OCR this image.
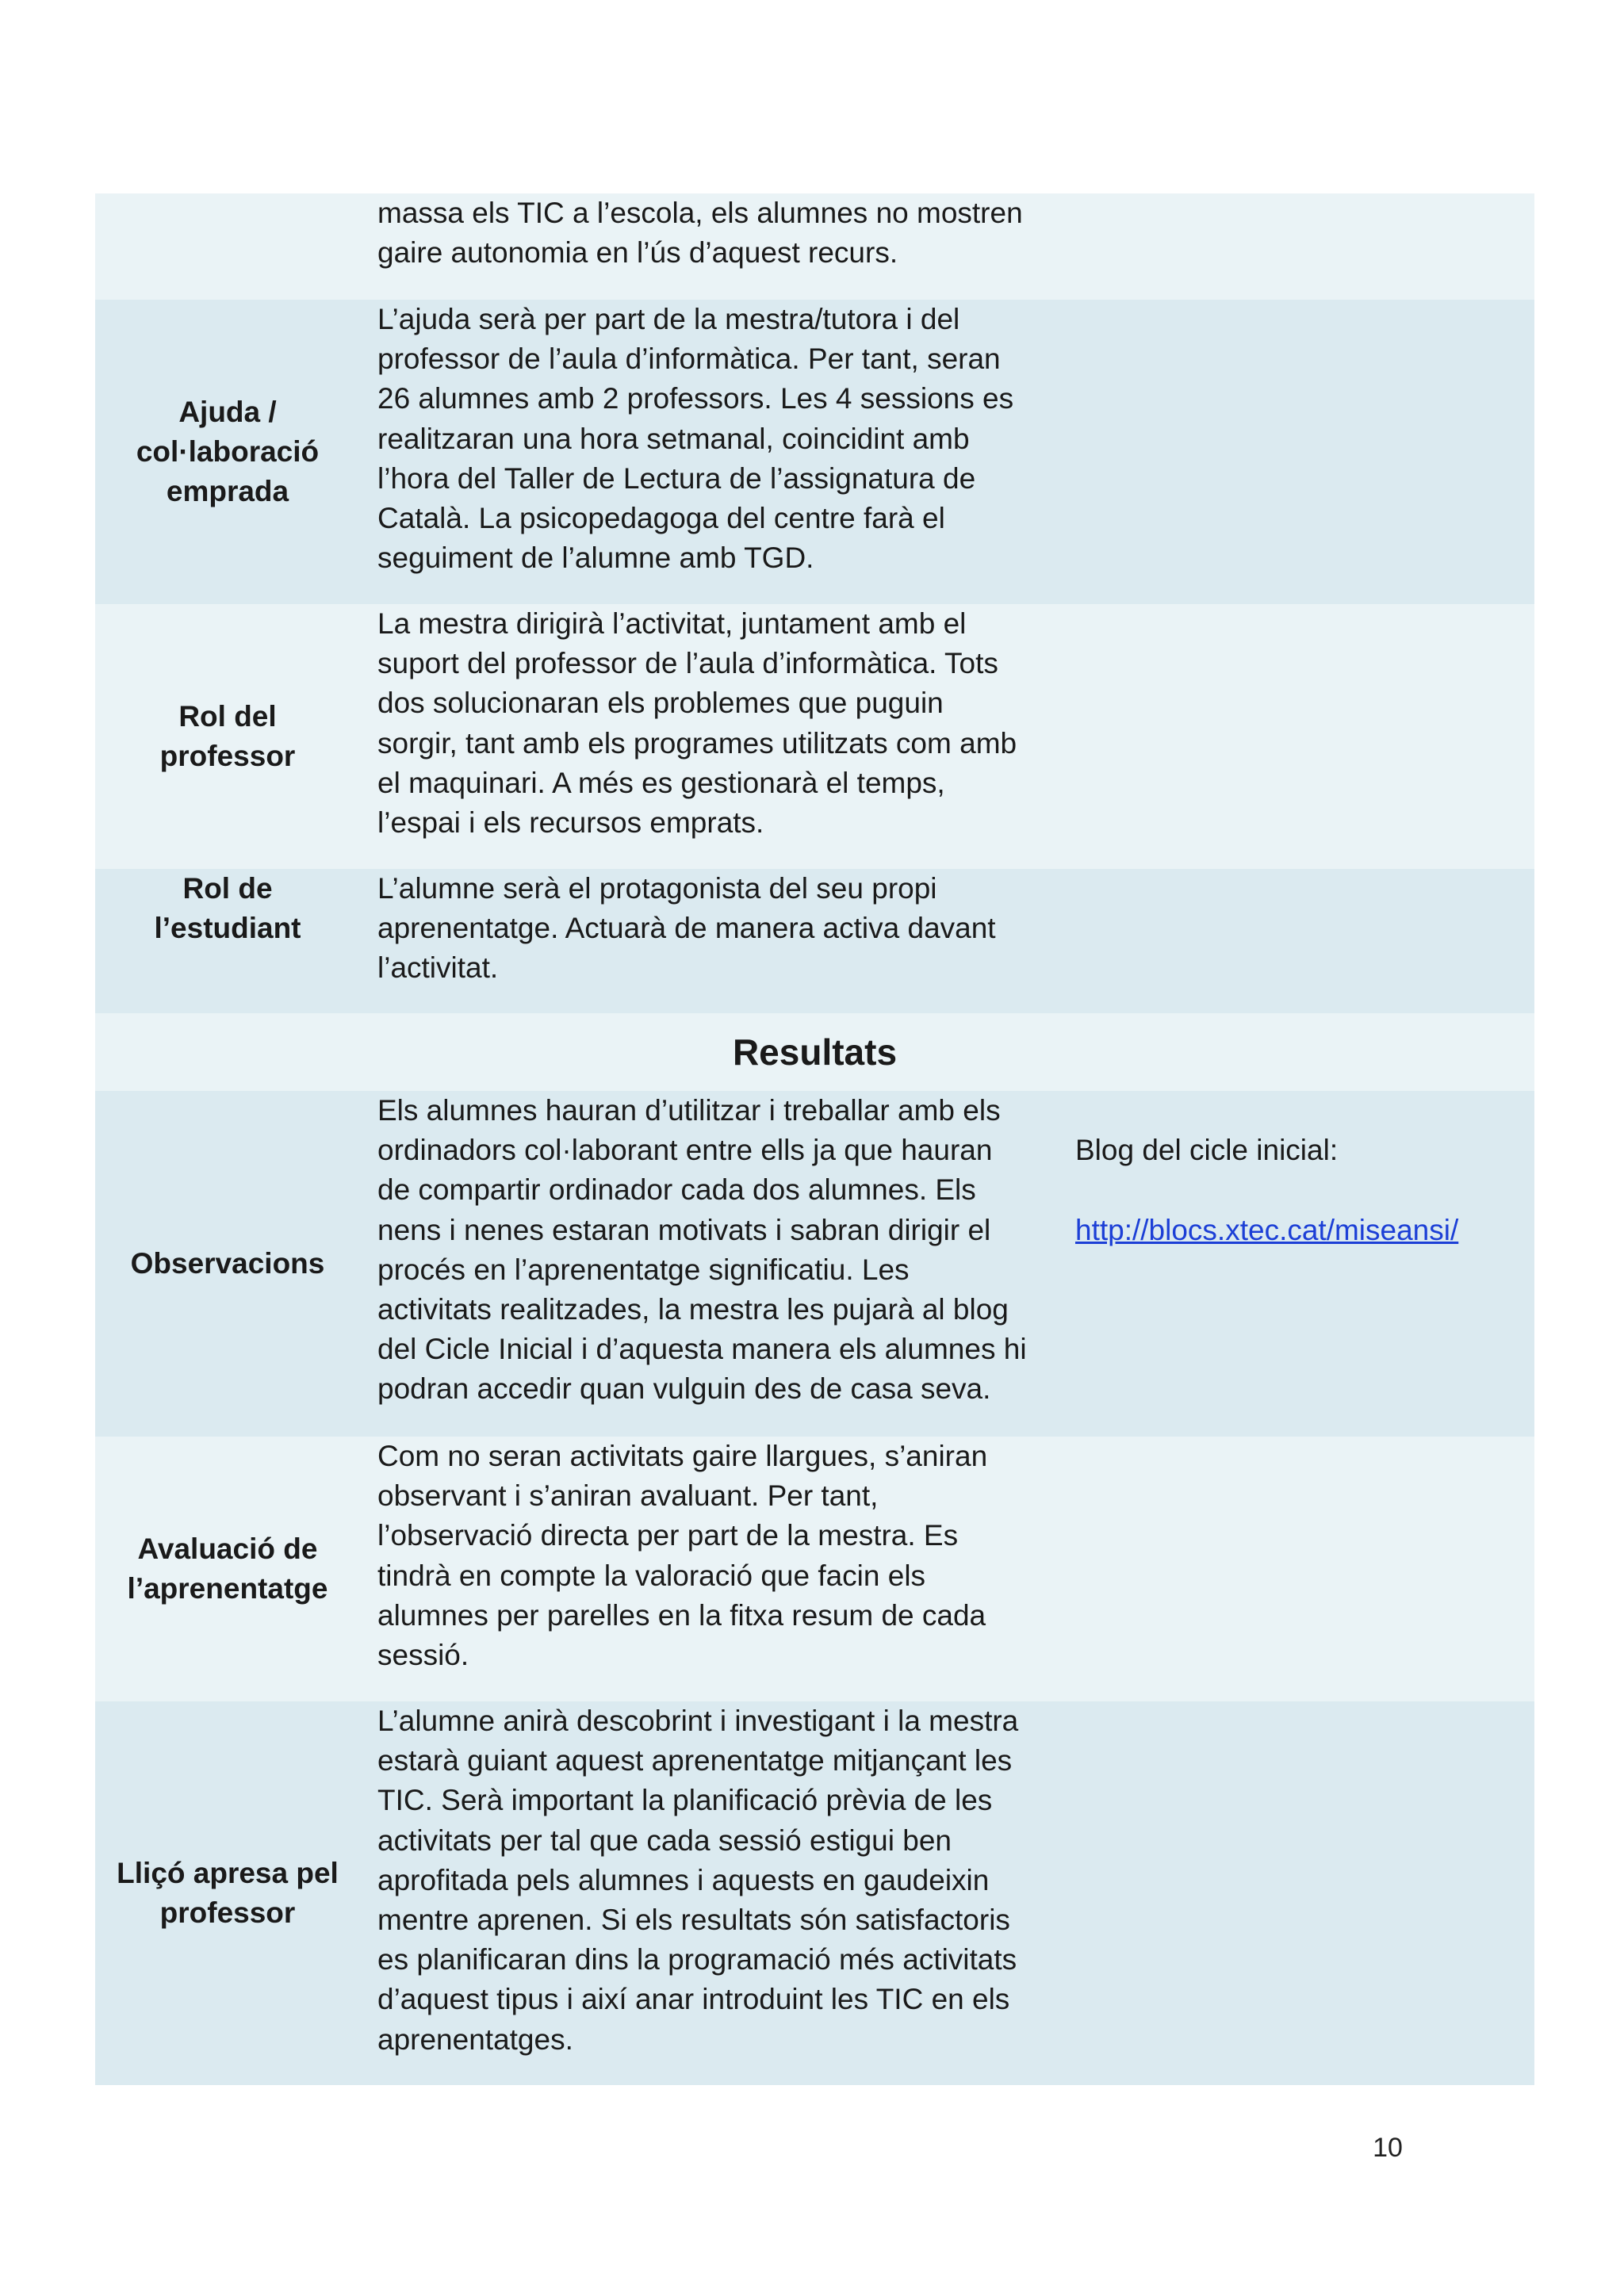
massa els TIC a l’escola, els alumnes no mostren
gaire autonomia en l’ús d’aquest recurs.
Ajuda /
col·laboració
emprada
L’ajuda serà per part de la mestra/tutora i del
professor de l’aula d’informàtica. Per tant, seran
26 alumnes amb 2 professors. Les 4 sessions es
realitzaran una hora setmanal, coincidint amb
l’hora del Taller de Lectura de l’assignatura de
Català. La psicopedagoga del centre farà el
seguiment de l’alumne amb TGD.
Rol del
professor
La mestra dirigirà l’activitat, juntament amb el
suport del professor de l’aula d’informàtica. Tots
dos solucionaran els problemes que puguin
sorgir, tant amb els programes utilitzats com amb
el maquinari. A més es gestionarà el temps,
l’espai i els recursos emprats.
Rol de
l’estudiant
L’alumne serà el protagonista del seu propi
aprenentatge. Actuarà de manera activa davant
l’activitat.
Resultats
Observacions
Els alumnes hauran d’utilitzar i treballar amb els
ordinadors col·laborant entre ells ja que hauran
de compartir ordinador cada dos alumnes. Els
nens i nenes estaran motivats i sabran dirigir el
procés en l’aprenentatge significatiu. Les
activitats realitzades, la mestra les pujarà al blog
del Cicle Inicial i d’aquesta manera els alumnes hi
podran accedir quan vulguin des de casa seva.

Blog del cicle inicial:

http://blocs.xtec.cat/miseansi/

Avaluació de
l’aprenentatge
Com no seran activitats gaire llargues, s’aniran
observant i s’aniran avaluant. Per tant,
l’observació directa per part de la mestra. Es
tindrà en compte la valoració que facin els
alumnes per parelles en la fitxa resum de cada
sessió.
Lliçó apresa pel
professor
L’alumne anirà descobrint i investigant i la mestra
estarà guiant aquest aprenentatge mitjançant les
TIC. Serà important la planificació prèvia de les
activitats per tal que cada sessió estigui ben
aprofitada pels alumnes i aquests en gaudeixin
mentre aprenen. Si els resultats són satisfactoris
es planificaran dins la programació més activitats
d’aquest tipus i així anar introduint les TIC en els
aprenentatges.
10
